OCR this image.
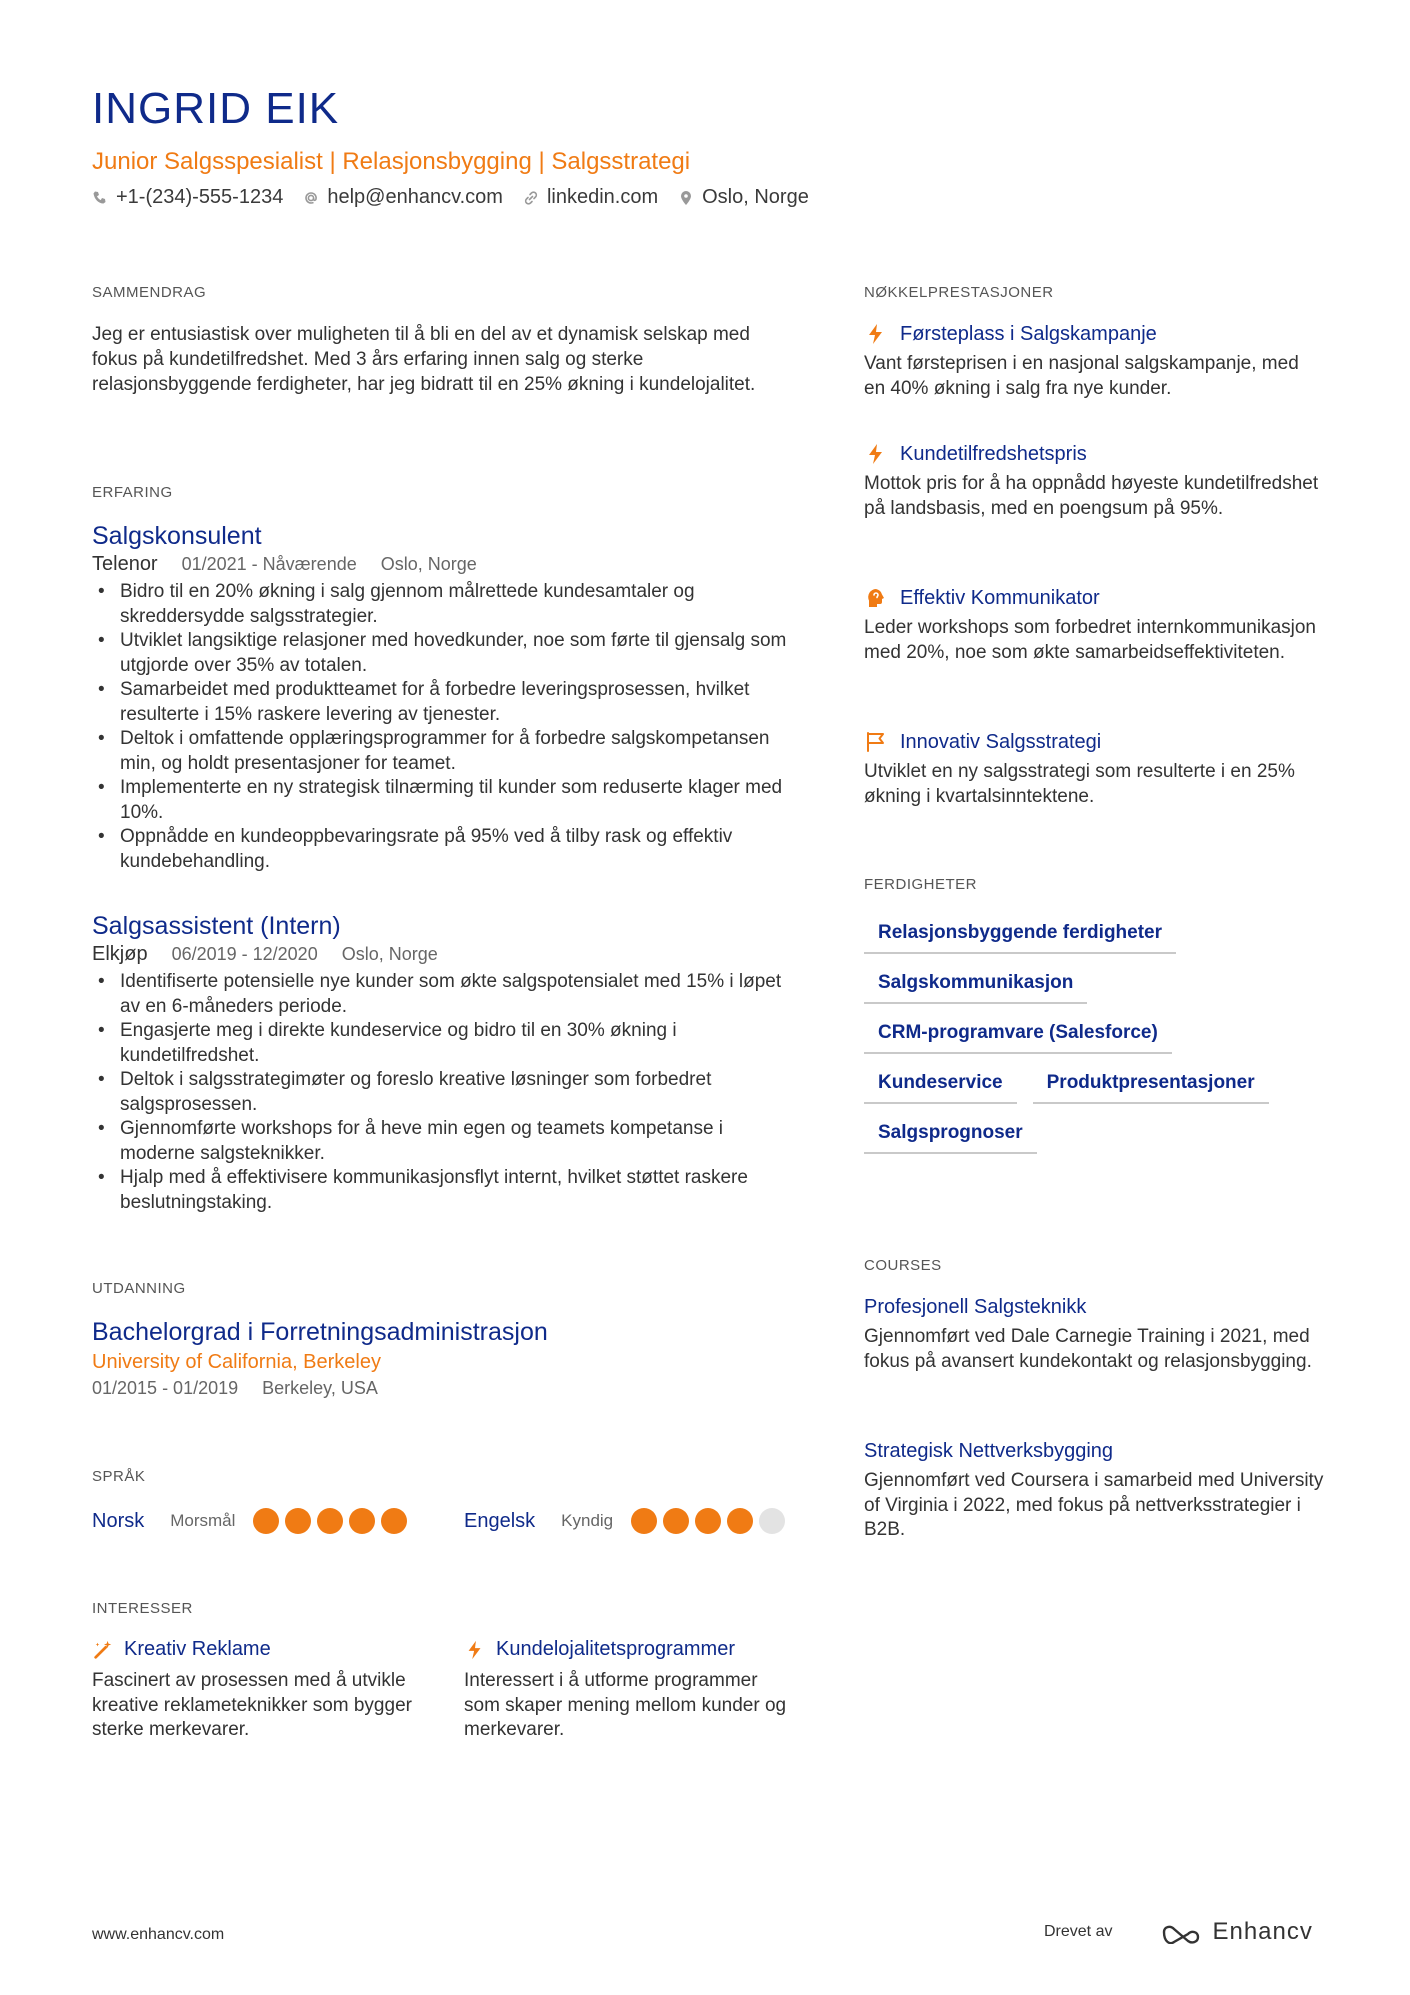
INGRID EIK
Junior Salgsspesialist | Relasjonsbygging | Salgsstrategi
+1-(234)-555-1234 help@enhancv.com linkedin.com Oslo, Norge
SAMMENDRAG
Jeg er entusiastisk over muligheten til å bli en del av et dynamisk selskap med fokus på kundetilfredshet. Med 3 års erfaring innen salg og sterke relasjonsbyggende ferdigheter, har jeg bidratt til en 25% økning i kundelojalitet.
ERFARING
Salgskonsulent
Telenor 01/2021 - Nåværende Oslo, Norge
• Bidro til en 20% økning i salg gjennom målrettede kundesamtaler og skreddersydde salgsstrategier.
• Utviklet langsiktige relasjoner med hovedkunder, noe som førte til gjensalg som utgjorde over 35% av totalen.
• Samarbeidet med produktteamet for å forbedre leveringsprosessen, hvilket resulterte i 15% raskere levering av tjenester.
• Deltok i omfattende opplæringsprogrammer for å forbedre salgskompetansen min, og holdt presentasjoner for teamet.
• Implementerte en ny strategisk tilnærming til kunder som reduserte klager med 10%.
• Oppnådde en kundeoppbevaringsrate på 95% ved å tilby rask og effektiv kundebehandling.
Salgsassistent (Intern)
Elkjøp 06/2019 - 12/2020 Oslo, Norge
• Identifiserte potensielle nye kunder som økte salgspotensialet med 15% i løpet av en 6-måneders periode.
• Engasjerte meg i direkte kundeservice og bidro til en 30% økning i kundetilfredshet.
• Deltok i salgsstrategimøter og foreslo kreative løsninger som forbedret salgsprosessen.
• Gjennomførte workshops for å heve min egen og teamets kompetanse i moderne salgsteknikker.
• Hjalp med å effektivisere kommunikasjonsflyt internt, hvilket støttet raskere beslutningstaking.
UTDANNING
Bachelorgrad i Forretningsadministrasjon
University of California, Berkeley
01/2015 - 01/2019 Berkeley, USA
SPRÅK
Norsk Morsmål	Engelsk Kyndig
INTERESSER
Kreativ Reklame
Fascinert av prosessen med å utvikle kreative reklameteknikker som bygger sterke merkevarer.
Kundelojalitetsprogrammer
Interessert i å utforme programmer som skaper mening mellom kunder og merkevarer.
NØKKELPRESTASJONER
Førsteplass i Salgskampanje
Vant førsteprisen i en nasjonal salgskampanje, med en 40% økning i salg fra nye kunder.
Kundetilfredshetspris
Mottok pris for å ha oppnådd høyeste kundetilfredshet på landsbasis, med en poengsum på 95%.
Effektiv Kommunikator
Leder workshops som forbedret internkommunikasjon med 20%, noe som økte samarbeidseffektiviteten.
Innovativ Salgsstrategi
Utviklet en ny salgsstrategi som resulterte i en 25% økning i kvartalsinntektene.
FERDIGHETER
Relasjonsbyggende ferdigheter
Salgskommunikasjon
CRM-programvare (Salesforce)
Kundeservice	Produktpresentasjoner
Salgsprognoser
COURSES
Profesjonell Salgsteknikk
Gjennomført ved Dale Carnegie Training i 2021, med fokus på avansert kundekontakt og relasjonsbygging.
Strategisk Nettverksbygging
Gjennomført ved Coursera i samarbeid med University of Virginia i 2022, med fokus på nettverksstrategier i B2B.
www.enhancv.com	Drevet av	Enhancv
